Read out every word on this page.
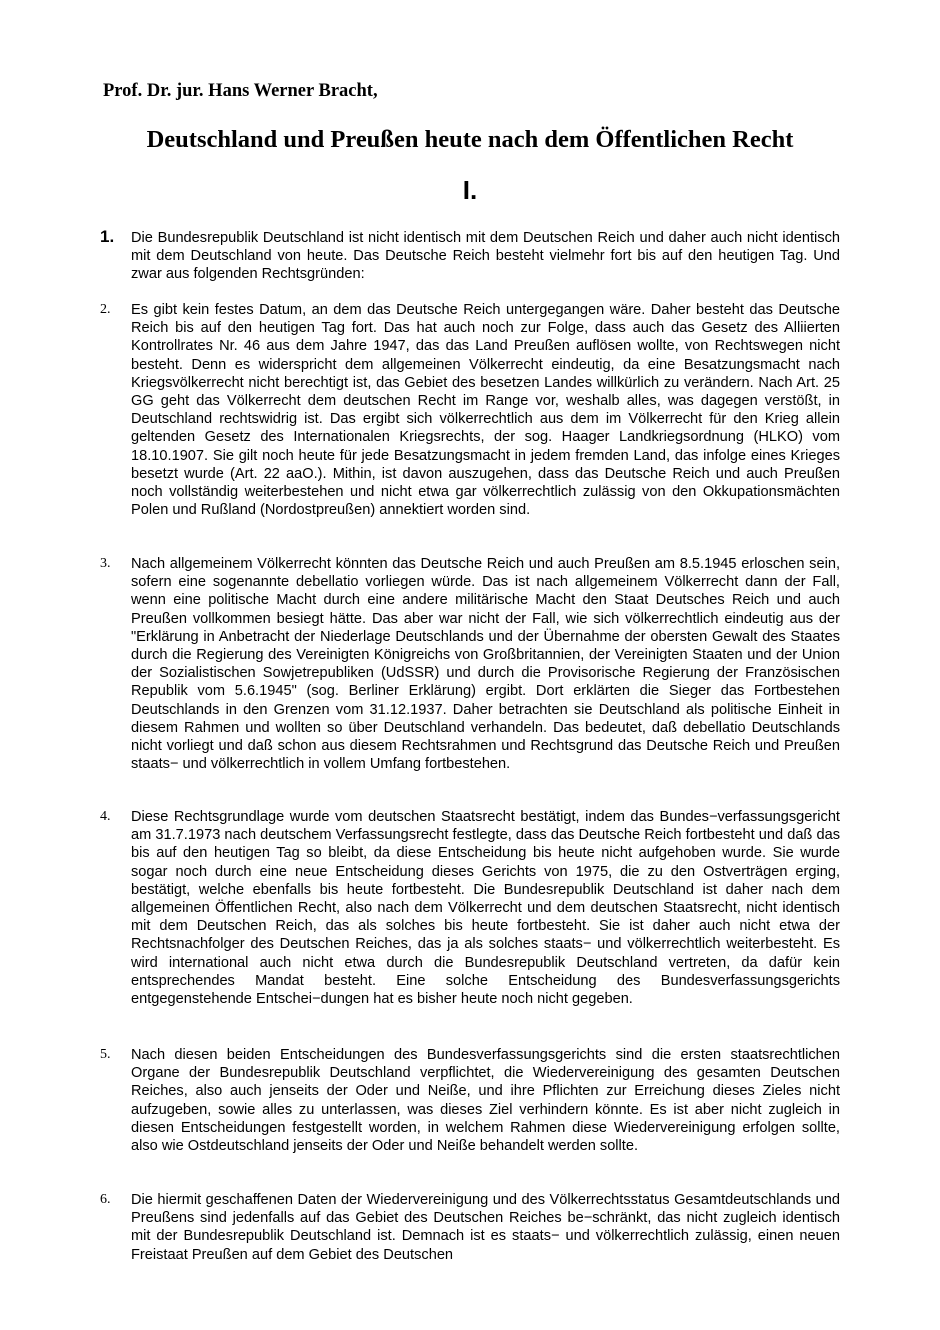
Prof. Dr. jur. Hans Werner Bracht,
Deutschland und Preußen heute nach dem Öffentlichen Recht
I.
1. Die Bundesrepublik Deutschland ist nicht identisch mit dem Deutschen Reich und daher auch nicht identisch mit dem Deutschland von heute. Das Deutsche Reich besteht vielmehr fort bis auf den heutigen Tag. Und zwar aus folgenden Rechtsgründen:
2. Es gibt kein festes Datum, an dem das Deutsche Reich untergegangen wäre. Daher besteht das Deutsche Reich bis auf den heutigen Tag fort. Das hat auch noch zur Folge, dass auch das Gesetz des Alliierten Kontrollrates Nr. 46 aus dem Jahre 1947, das das Land Preußen auflösen wollte, von Rechtswegen nicht besteht. Denn es widerspricht dem allgemeinen Völkerrecht eindeutig, da eine Besatzungsmacht nach Kriegsvölkerrecht nicht berechtigt ist, das Gebiet des besetzen Landes willkürlich zu verändern. Nach Art. 25 GG geht das Völkerrecht dem deutschen Recht im Range vor, weshalb alles, was dagegen verstößt, in Deutschland rechtswidrig ist. Das ergibt sich völkerrechtlich aus dem im Völkerrecht für den Krieg allein geltenden Gesetz des Internationalen Kriegsrechts, der sog. Haager Landkriegsordnung (HLKO) vom 18.10.1907. Sie gilt noch heute für jede Besatzungsmacht in jedem fremden Land, das infolge eines Krieges besetzt wurde (Art. 22 aaO.). Mithin, ist davon auszugehen, dass das Deutsche Reich und auch Preußen noch vollständig weiterbestehen und nicht etwa gar völkerrechtlich zulässig von den Okkupationsmächten Polen und Rußland (Nordostpreußen) annektiert worden sind.
3. Nach allgemeinem Völkerrecht könnten das Deutsche Reich und auch Preußen am 8.5.1945 erloschen sein, sofern eine sogenannte debellatio vorliegen würde. Das ist nach allgemeinem Völkerrecht dann der Fall, wenn eine politische Macht durch eine andere militärische Macht den Staat Deutsches Reich und auch Preußen vollkommen besiegt hätte. Das aber war nicht der Fall, wie sich völkerrechtlich eindeutig aus der "Erklärung in Anbetracht der Niederlage Deutschlands und der Übernahme der obersten Gewalt des Staates durch die Regierung des Vereinigten Königreichs von Großbritannien, der Vereinigten Staaten und der Union der Sozialistischen Sowjetrepubliken (UdSSR) und durch die Provisorische Regierung der Französischen Republik vom 5.6.1945" (sog. Berliner Erklärung) ergibt. Dort erklärten die Sieger das Fortbestehen Deutschlands in den Grenzen vom 31.12.1937. Daher betrachten sie Deutschland als politische Einheit in diesem Rahmen und wollten so über Deutschland verhandeln. Das bedeutet, daß debellatio Deutschlands nicht vorliegt und daß schon aus diesem Rechtsrahmen und Rechtsgrund das Deutsche Reich und Preußen staats− und völkerrechtlich in vollem Umfang fortbestehen.
4. Diese Rechtsgrundlage wurde vom deutschen Staatsrecht bestätigt, indem das Bundes−verfassungsgericht am 31.7.1973 nach deutschem Verfassungsrecht festlegte, dass das Deutsche Reich fortbesteht und daß das bis auf den heutigen Tag so bleibt, da diese Entscheidung bis heute nicht aufgehoben wurde. Sie wurde sogar noch durch eine neue Entscheidung dieses Gerichts von 1975, die zu den Ostverträgen erging, bestätigt, welche ebenfalls bis heute fortbesteht. Die Bundesrepublik Deutschland ist daher nach dem allgemeinen Öffentlichen Recht, also nach dem Völkerrecht und dem deutschen Staatsrecht, nicht identisch mit dem Deutschen Reich, das als solches bis heute fortbesteht. Sie ist daher auch nicht etwa der Rechtsnachfolger des Deutschen Reiches, das ja als solches staats− und völkerrechtlich weiterbesteht. Es wird international auch nicht etwa durch die Bundesrepublik Deutschland vertreten, da dafür kein entsprechendes Mandat besteht. Eine solche Entscheidung des Bundesverfassungsgerichts entgegenstehende Entschei−dungen hat es bisher heute noch nicht gegeben.
5. Nach diesen beiden Entscheidungen des Bundesverfassungsgerichts sind die ersten staatsrechtlichen Organe der Bundesrepublik Deutschland verpflichtet, die Wiedervereinigung des gesamten Deutschen Reiches, also auch jenseits der Oder und Neiße, und ihre Pflichten zur Erreichung dieses Zieles nicht aufzugeben, sowie alles zu unterlassen, was dieses Ziel verhindern könnte. Es ist aber nicht zugleich in diesen Entscheidungen festgestellt worden, in welchem Rahmen diese Wiedervereinigung erfolgen sollte, also wie Ostdeutschland jenseits der Oder und Neiße behandelt werden sollte.
6. Die hiermit geschaffenen Daten der Wiedervereinigung und des Völkerrechtsstatus Gesamtdeutschlands und Preußens sind jedenfalls auf das Gebiet des Deutschen Reiches be−schränkt, das nicht zugleich identisch mit der Bundesrepublik Deutschland ist. Demnach ist es staats− und völkerrechtlich zulässig, einen neuen Freistaat Preußen auf dem Gebiet des Deutschen
